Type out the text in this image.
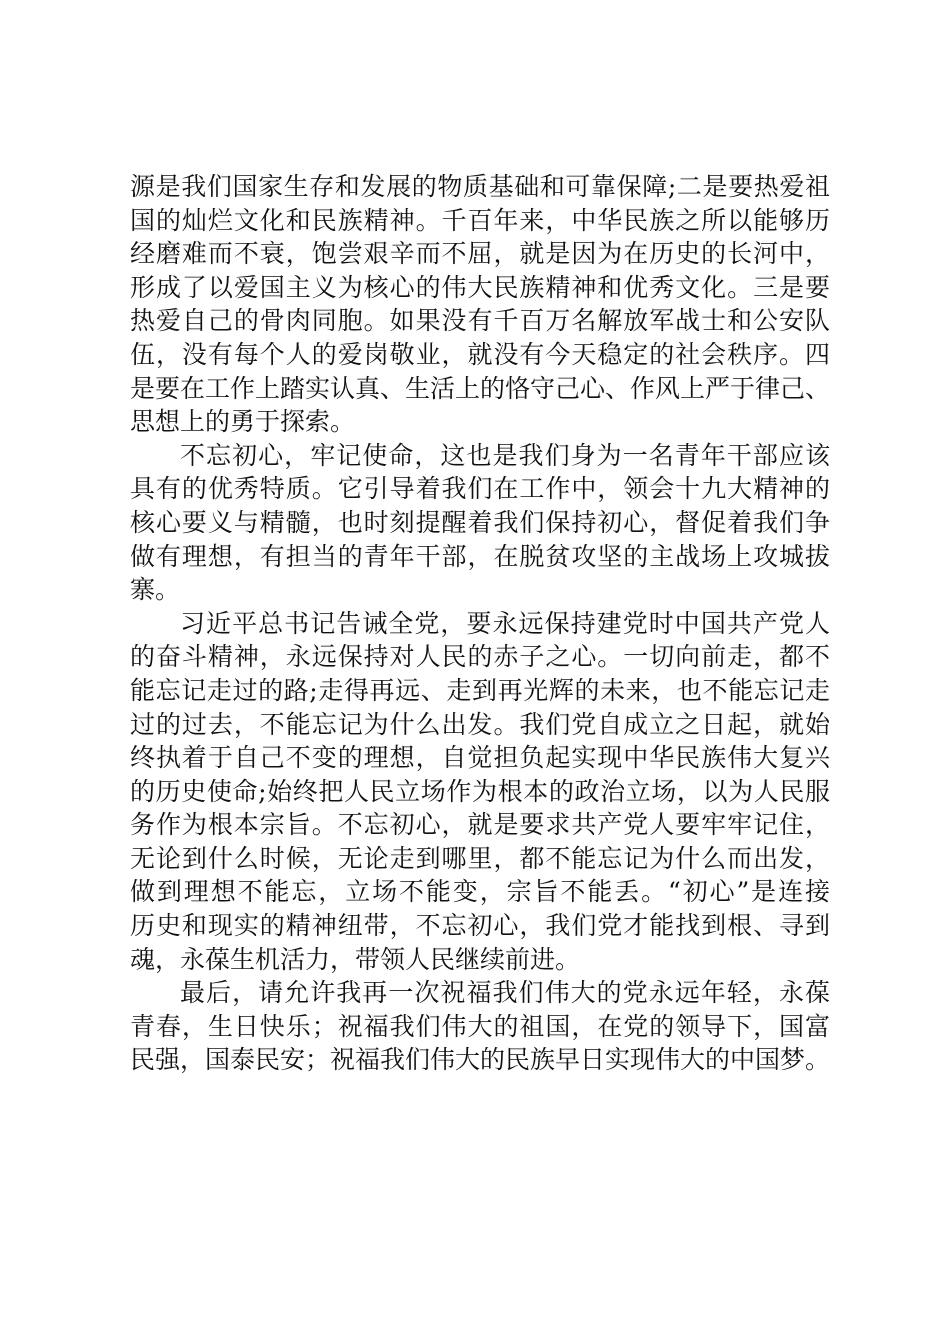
源是我们国家生存和发展的物质基础和可靠保障;二是要热爱祖
国的灿烂文化和民族精神。千百年来，中华民族之所以能够历
经磨难而不衰，饱尝艰辛而不屈，就是因为在历史的长河中，
形成了以爱国主义为核心的伟大民族精神和优秀文化。三是要
热爱自己的骨肉同胞。如果没有千百万名解放军战士和公安队
伍，没有每个人的爱岗敬业，就没有今天稳定的社会秩序。四
是要在工作上踏实认真、生活上的恪守己心、作风上严于律己、
思想上的勇于探索。
不忘初心，牢记使命，这也是我们身为一名青年干部应该
具有的优秀特质。它引导着我们在工作中，领会十九大精神的
核心要义与精髓，也时刻提醒着我们保持初心，督促着我们争
做有理想，有担当的青年干部，在脱贫攻坚的主战场上攻城拔
寨。
习近平总书记告诫全党，要永远保持建党时中国共产党人
的奋斗精神，永远保持对人民的赤子之心。一切向前走，都不
能忘记走过的路;走得再远、走到再光辉的未来，也不能忘记走
过的过去，不能忘记为什么出发。我们党自成立之日起，就始
终执着于自己不变的理想，自觉担负起实现中华民族伟大复兴
的历史使命;始终把人民立场作为根本的政治立场，以为人民服
务作为根本宗旨。不忘初心，就是要求共产党人要牢牢记住，
无论到什么时候，无论走到哪里，都不能忘记为什么而出发，
做到理想不能忘，立场不能变，宗旨不能丢。“初心”是连接
历史和现实的精神纽带，不忘初心，我们党才能找到根、寻到
魂，永葆生机活力，带领人民继续前进。
最后，请允许我再一次祝福我们伟大的党永远年轻，永葆
青春，生日快乐；祝福我们伟大的祖国，在党的领导下，国富
民强，国泰民安；祝福我们伟大的民族早日实现伟大的中国梦。
